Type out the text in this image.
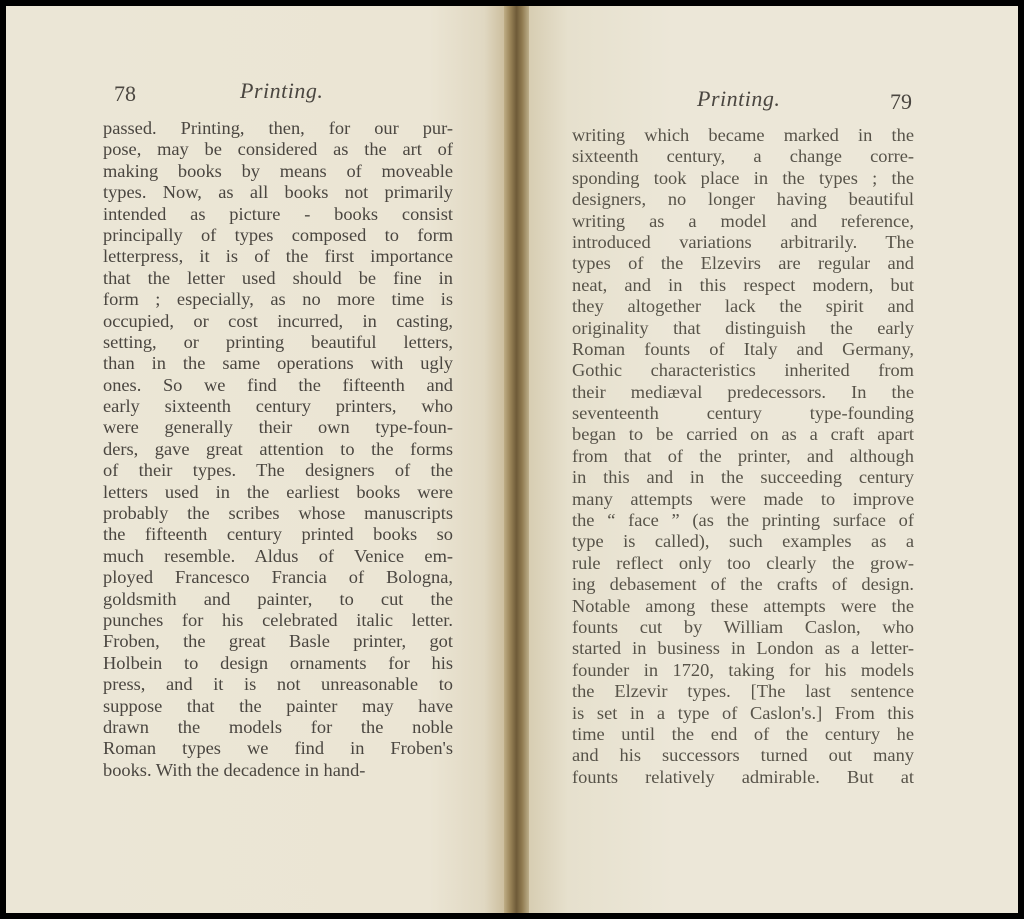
78	Printing.
passed. Printing, then, for our pur-
pose, may be considered as the art of
making books by means of moveable
types. Now, as all books not primarily
intended as picture - books consist
principally of types composed to form
letterpress, it is of the first importance
that the letter used should be fine in
form ; especially, as no more time is
occupied, or cost incurred, in casting,
setting, or printing beautiful letters,
than in the same operations with ugly
ones. So we find the fifteenth and
early sixteenth century printers, who
were generally their own type-foun-
ders, gave great attention to the forms
of their types. The designers of the
letters used in the earliest books were
probably the scribes whose manuscripts
the fifteenth century printed books so
much resemble. Aldus of Venice em-
ployed Francesco Francia of Bologna,
goldsmith and painter, to cut the
punches for his celebrated italic letter.
Froben, the great Basle printer, got
Holbein to design ornaments for his
press, and it is not unreasonable to
suppose that the painter may have
drawn the models for the noble
Roman types we find in Froben's
books. With the decadence in hand-
Printing.	79
writing which became marked in the
sixteenth century, a change corre-
sponding took place in the types ; the
designers, no longer having beautiful
writing as a model and reference,
introduced variations arbitrarily. The
types of the Elzevirs are regular and
neat, and in this respect modern, but
they altogether lack the spirit and
originality that distinguish the early
Roman founts of Italy and Germany,
Gothic characteristics inherited from
their mediæval predecessors. In the
seventeenth century type-founding
began to be carried on as a craft apart
from that of the printer, and although
in this and in the succeeding century
many attempts were made to improve
the “ face ” (as the printing surface of
type is called), such examples as a
rule reflect only too clearly the grow-
ing debasement of the crafts of design.
Notable among these attempts were the
founts cut by William Caslon, who
started in business in London as a letter-
founder in 1720, taking for his models
the Elzevir types. [The last sentence
is set in a type of Caslon's.] From this
time until the end of the century he
and his successors turned out many
founts relatively admirable. But at
